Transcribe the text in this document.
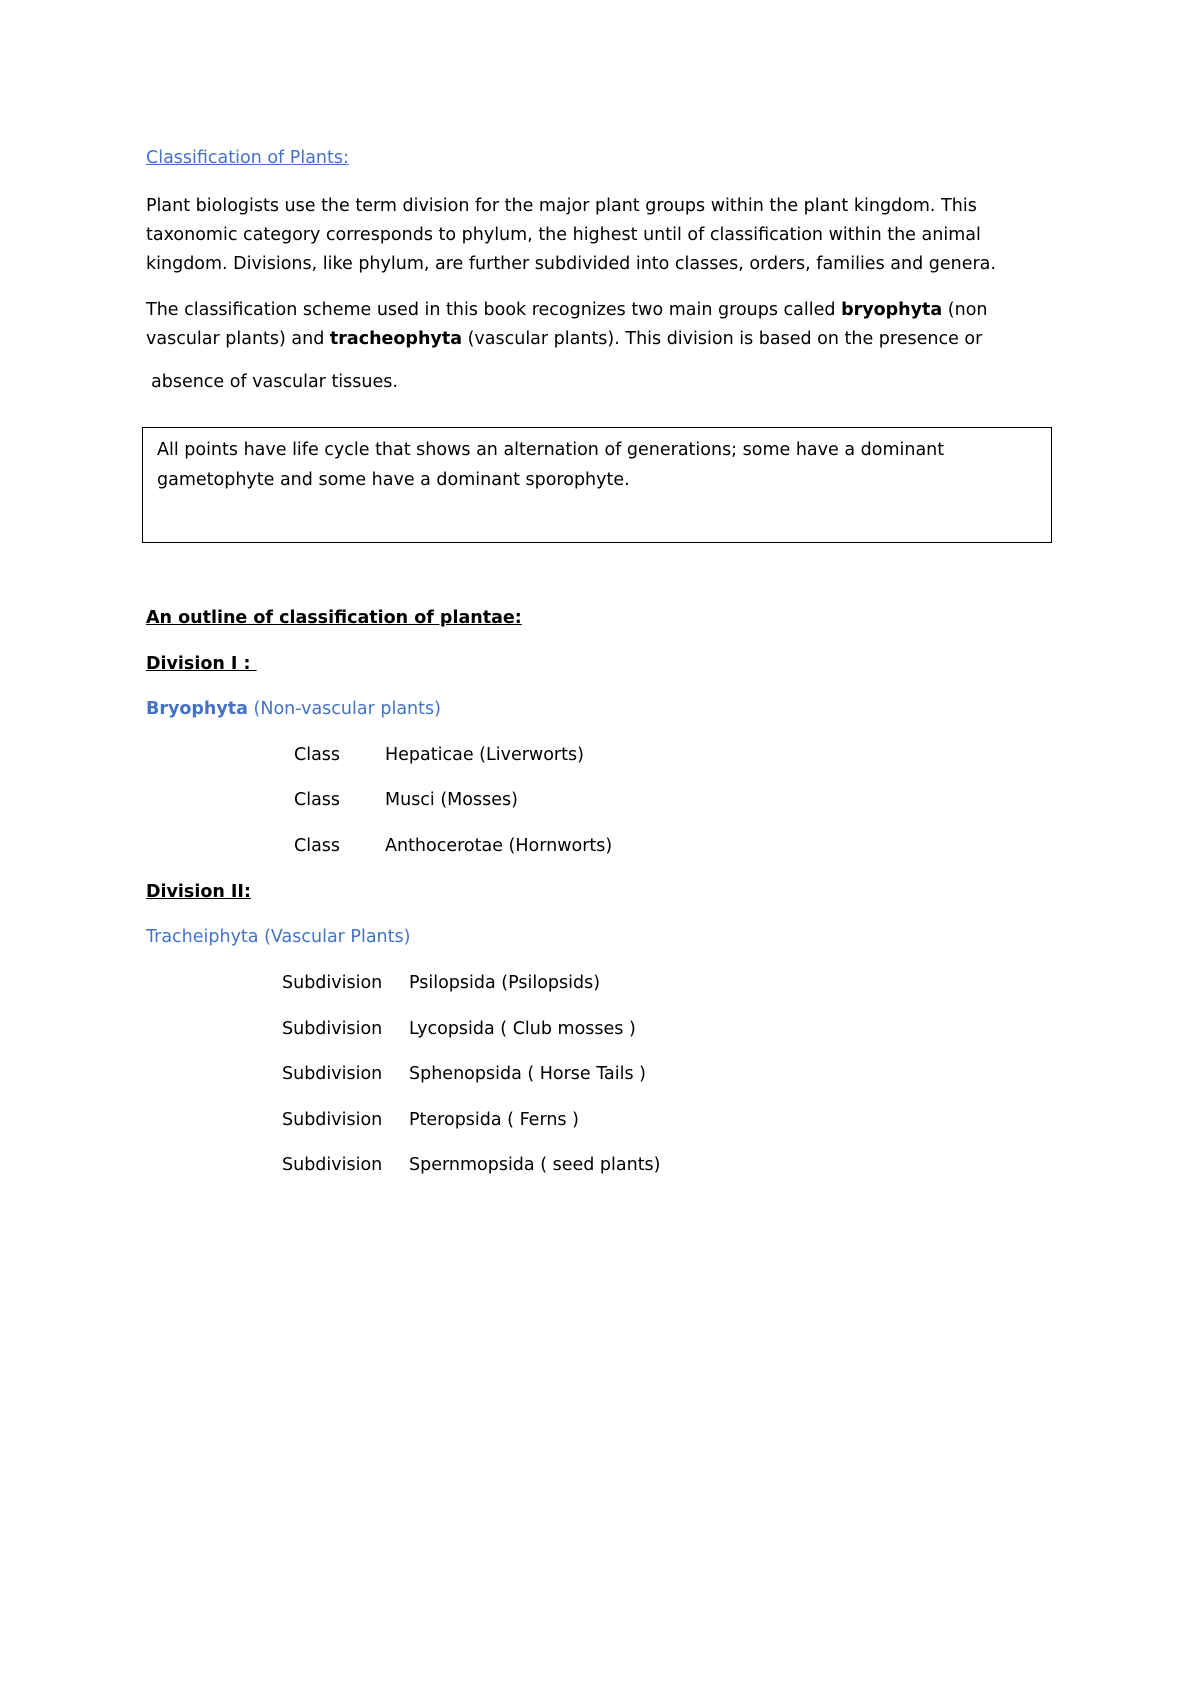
Classification of Plants:
Plant biologists use the term division for the major plant groups within the plant kingdom. This
taxonomic category corresponds to phylum, the highest until of classification within the animal
kingdom. Divisions, like phylum, are further subdivided into classes, orders, families and genera.
The classification scheme used in this book recognizes two main groups called bryophyta (non
vascular plants) and tracheophyta (vascular plants). This division is based on the presence or
absence of vascular tissues.
All points have life cycle that shows an alternation of generations; some have a dominant
gametophyte and some have a dominant sporophyte.
An outline of classification of plantae:
Division I :
Bryophyta (Non-vascular plants)
Class	Hepaticae (Liverworts)
Class	Musci (Mosses)
Class	Anthocerotae (Hornworts)
Division II:
Tracheiphyta (Vascular Plants)
Subdivision Psilopsida (Psilopsids)
Subdivision Lycopsida ( Club mosses )
Subdivision Sphenopsida ( Horse Tails )
Subdivision Pteropsida ( Ferns )
Subdivision Spernmopsida ( seed plants)
